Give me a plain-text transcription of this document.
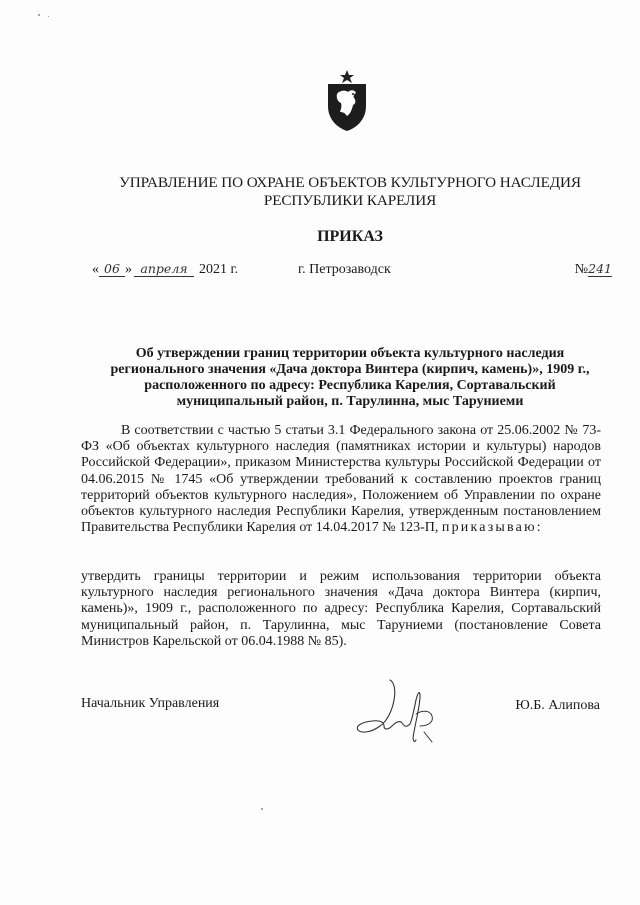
УПРАВЛЕНИЕ ПО ОХРАНЕ ОБЪЕКТОВ КУЛЬТУРНОГО НАСЛЕДИЯ
РЕСПУБЛИКИ КАРЕЛИЯ
ПРИКАЗ
« 06 » апреля 2021 г.	г. Петрозаводск	№241
Об утверждении границ территории объекта культурного наследия
регионального значения «Дача доктора Винтера (кирпич, камень)», 1909 г.,
расположенного по адресу: Республика Карелия, Сортавальский
муниципальный район, п. Тарулинна, мыс Таруниеми
В соответствии с частью 5 статьи 3.1 Федерального закона от 25.06.2002 № 73-ФЗ «Об объектах культурного наследия (памятниках истории и культуры) народов Российской Федерации», приказом Министерства культуры Российской Федерации от 04.06.2015 № 1745 «Об утверждении требований к составлению проектов границ территорий объектов культурного наследия», Положением об Управлении по охране объектов культурного наследия Республики Карелия, утвержденным постановлением Правительства Республики Карелия от 14.04.2017 № 123-П, приказываю:
утвердить границы территории и режим использования территории объекта культурного наследия регионального значения «Дача доктора Винтера (кирпич, камень)», 1909 г., расположенного по адресу: Республика Карелия, Сортавальский муниципальный район, п. Тарулинна, мыс Таруниеми (постановление Совета Министров Карельской от 06.04.1988 № 85).
Начальник Управления	Ю.Б. Алипова
